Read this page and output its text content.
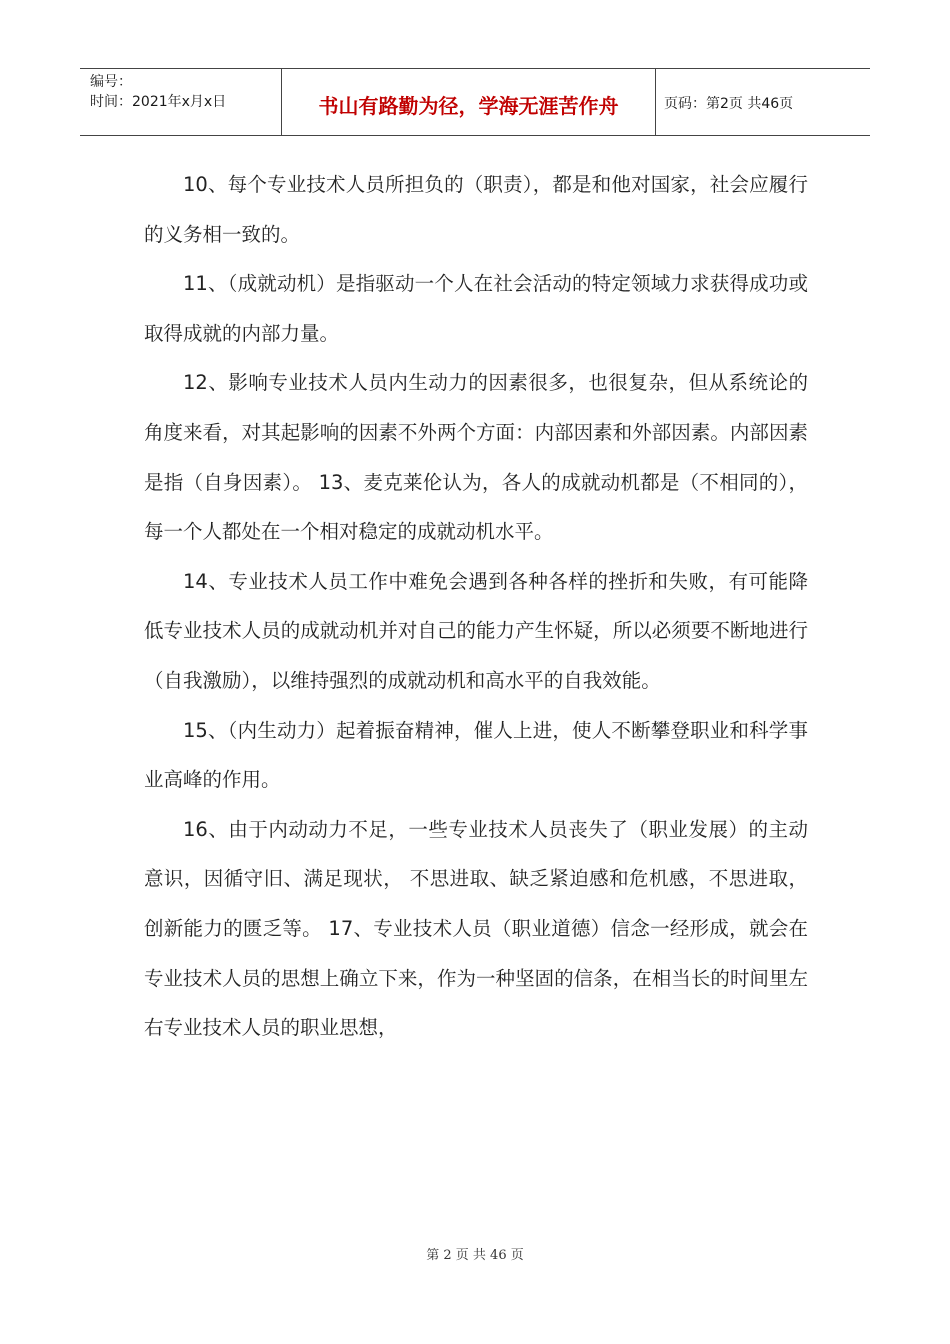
编号：
时间：2021年x月x日	书山有路勤为径，学海无涯苦作舟	页码：第2页 共46页

10、每个专业技术人员所担负的（职责），都是和他对国家，社会应履行的义务相一致的。

11、（成就动机）是指驱动一个人在社会活动的特定领域力求获得成功或取得成就的内部力量。

12、影响专业技术人员内生动力的因素很多，也很复杂，但从系统论的角度来看，对其起影响的因素不外两个方面：内部因素和外部因素。内部因素是指（自身因素）。 13、麦克莱伦认为，各人的成就动机都是（不相同的），每一个人都处在一个相对稳定的成就动机水平。

14、专业技术人员工作中难免会遇到各种各样的挫折和失败，有可能降低专业技术人员的成就动机并对自己的能力产生怀疑，所以必须要不断地进行（自我激励），以维持强烈的成就动机和高水平的自我效能。

15、（内生动力）起着振奋精神，催人上进，使人不断攀登职业和科学事业高峰的作用。

16、由于内动动力不足，一些专业技术人员丧失了（职业发展）的主动意识，因循守旧、满足现状， 不思进取、缺乏紧迫感和危机感，不思进取，创新能力的匮乏等。 17、专业技术人员（职业道德）信念一经形成，就会在专业技术人员的思想上确立下来，作为一种坚固的信条，在相当长的时间里左右专业技术人员的职业思想，

第 2 页 共 46 页
